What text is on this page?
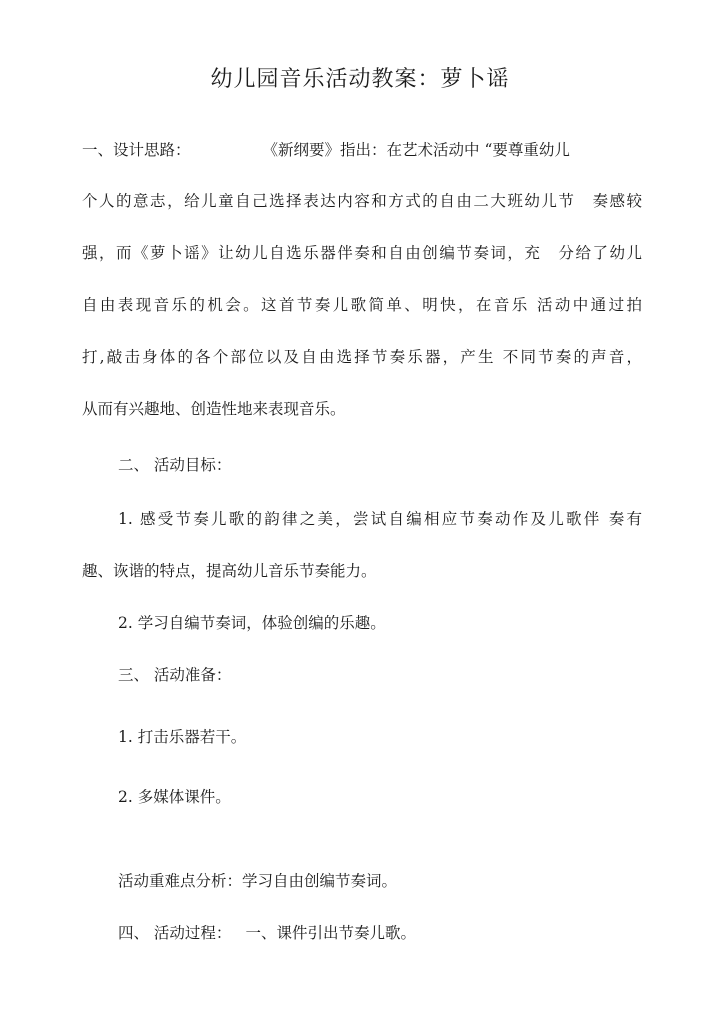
幼儿园音乐活动教案：萝卜谣
一、设计思路：	《新纲要》指出：在艺术活动中 “要尊重幼儿
个人的意志，给儿童自己选择表达内容和方式的自由二大班幼儿节　奏感较
强，而《萝卜谣》让幼儿自选乐器伴奏和自由创编节奏词，充　分给了幼儿
自由表现音乐的机会。这首节奏儿歌简单、明快，在音乐 活动中通过拍
打,敲击身体的各个部位以及自由选择节奏乐器，产生 不同节奏的声音，
从而有兴趣地、创造性地来表现音乐。
二、 活动目标：
1. 感受节奏儿歌的韵律之美，尝试自编相应节奏动作及儿歌伴 奏有
趣、诙谐的特点，提高幼儿音乐节奏能力。
2. 学习自编节奏词，体验创编的乐趣。
三、 活动准备：
1. 打击乐器若干。
2. 多媒体课件。
活动重难点分析：学习自由创编节奏词。
四、 活动过程： 一、课件引出节奏儿歌。
